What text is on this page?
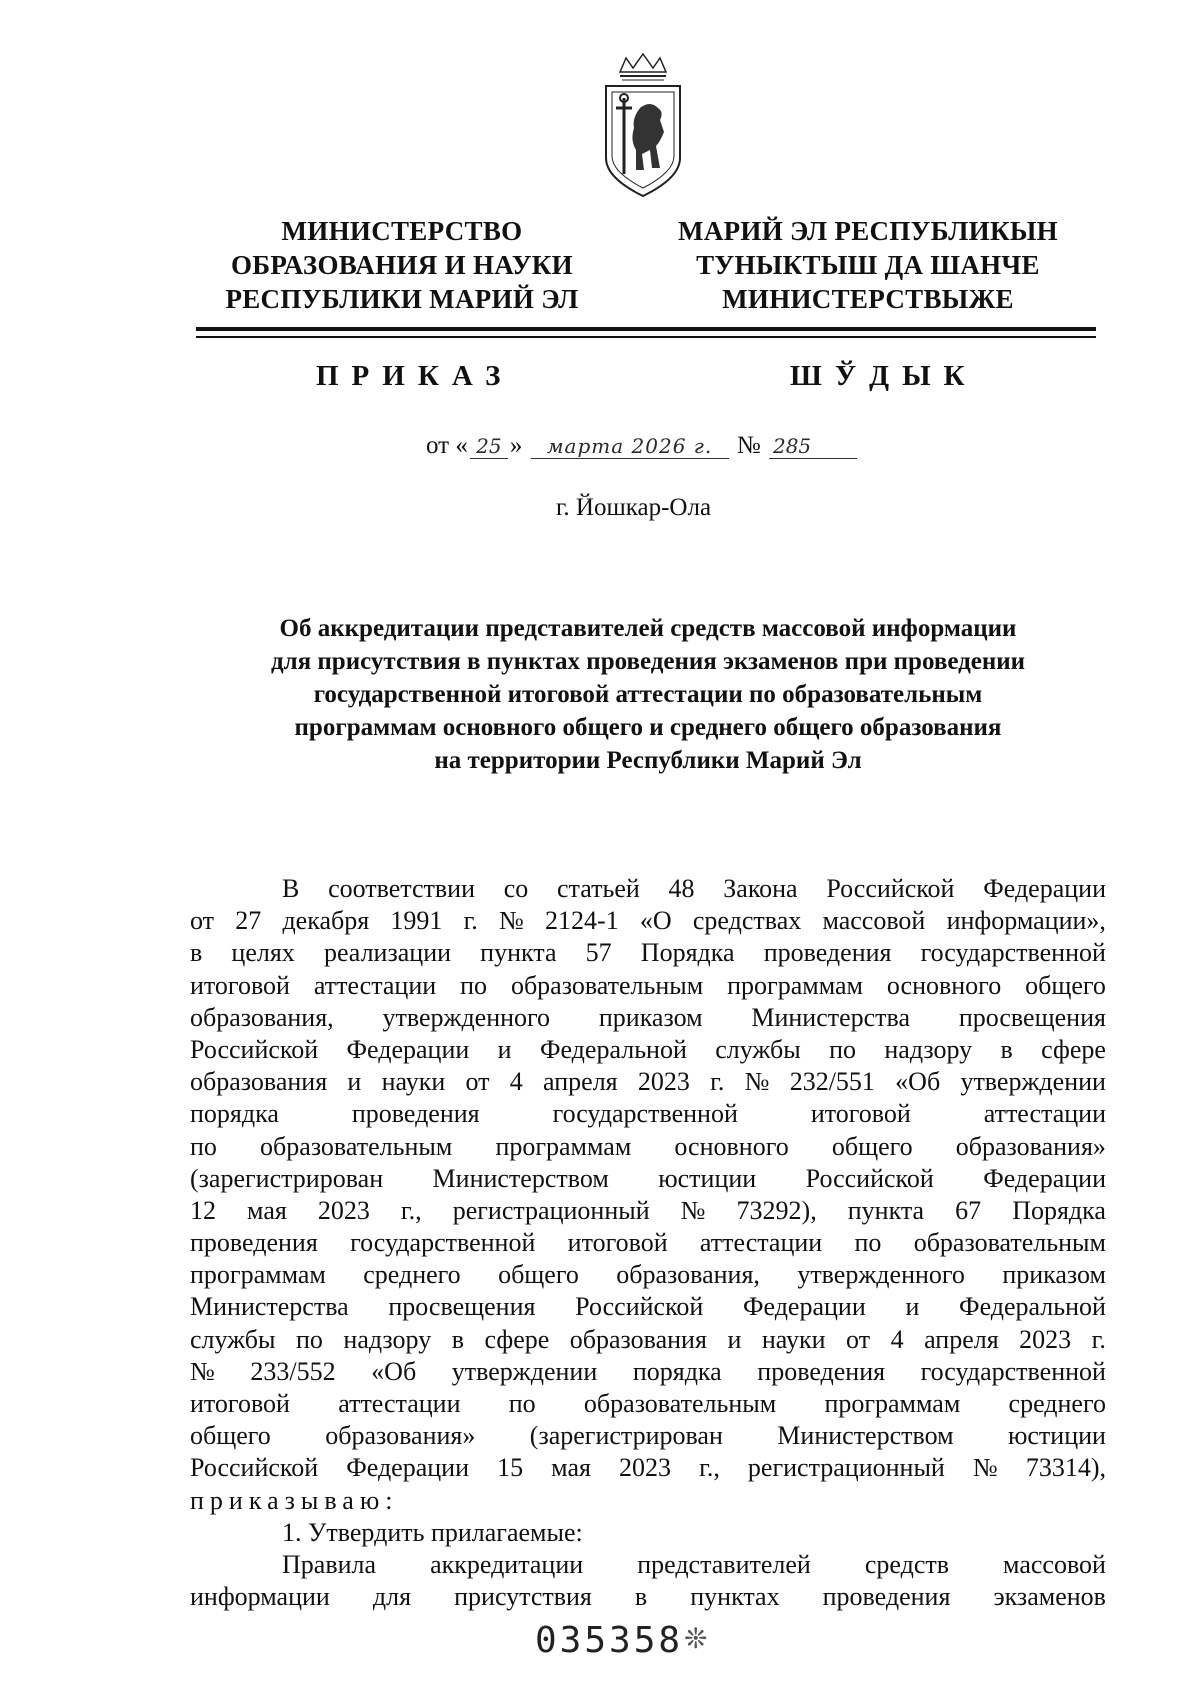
МИНИСТЕРСТВО
ОБРАЗОВАНИЯ И НАУКИ
РЕСПУБЛИКИ МАРИЙ ЭЛ
МАРИЙ ЭЛ РЕСПУБЛИКЫН
ТУНЫКТЫШ ДА ШАНЧЕ
МИНИСТЕРСТВЫЖЕ
ПРИКАЗ	ШЎДЫК
от « 25 » марта 2026 г. № 285
г. Йошкар-Ола
Об аккредитации представителей средств массовой информации
для присутствия в пунктах проведения экзаменов при проведении
государственной итоговой аттестации по образовательным
программам основного общего и среднего общего образования
на территории Республики Марий Эл
В соответствии со статьей 48 Закона Российской Федерации
от 27 декабря 1991 г. № 2124-1 «О средствах массовой информации»,
в целях реализации пункта 57 Порядка проведения государственной
итоговой аттестации по образовательным программам основного общего
образования, утвержденного приказом Министерства просвещения
Российской Федерации и Федеральной службы по надзору в сфере
образования и науки от 4 апреля 2023 г. № 232/551 «Об утверждении
порядка	проведения	государственной	итоговой	аттестации
по образовательным программам основного общего образования»
(зарегистрирован Министерством юстиции Российской Федерации
12 мая 2023 г., регистрационный № 73292), пункта 67 Порядка
проведения государственной итоговой аттестации по образовательным
программам среднего общего образования, утвержденного приказом
Министерства просвещения Российской Федерации и Федеральной
службы по надзору в сфере образования и науки от 4 апреля 2023 г.
№ 233/552 «Об утверждении порядка проведения государственной
итоговой аттестации по образовательным программам среднего
общего образования» (зарегистрирован Министерством юстиции
Российской Федерации 15 мая 2023 г., регистрационный № 73314),
приказываю:
1. Утвердить прилагаемые:
Правила аккредитации представителей средств массовой
информации для присутствия в пунктах проведения экзаменов
035358 ❊
